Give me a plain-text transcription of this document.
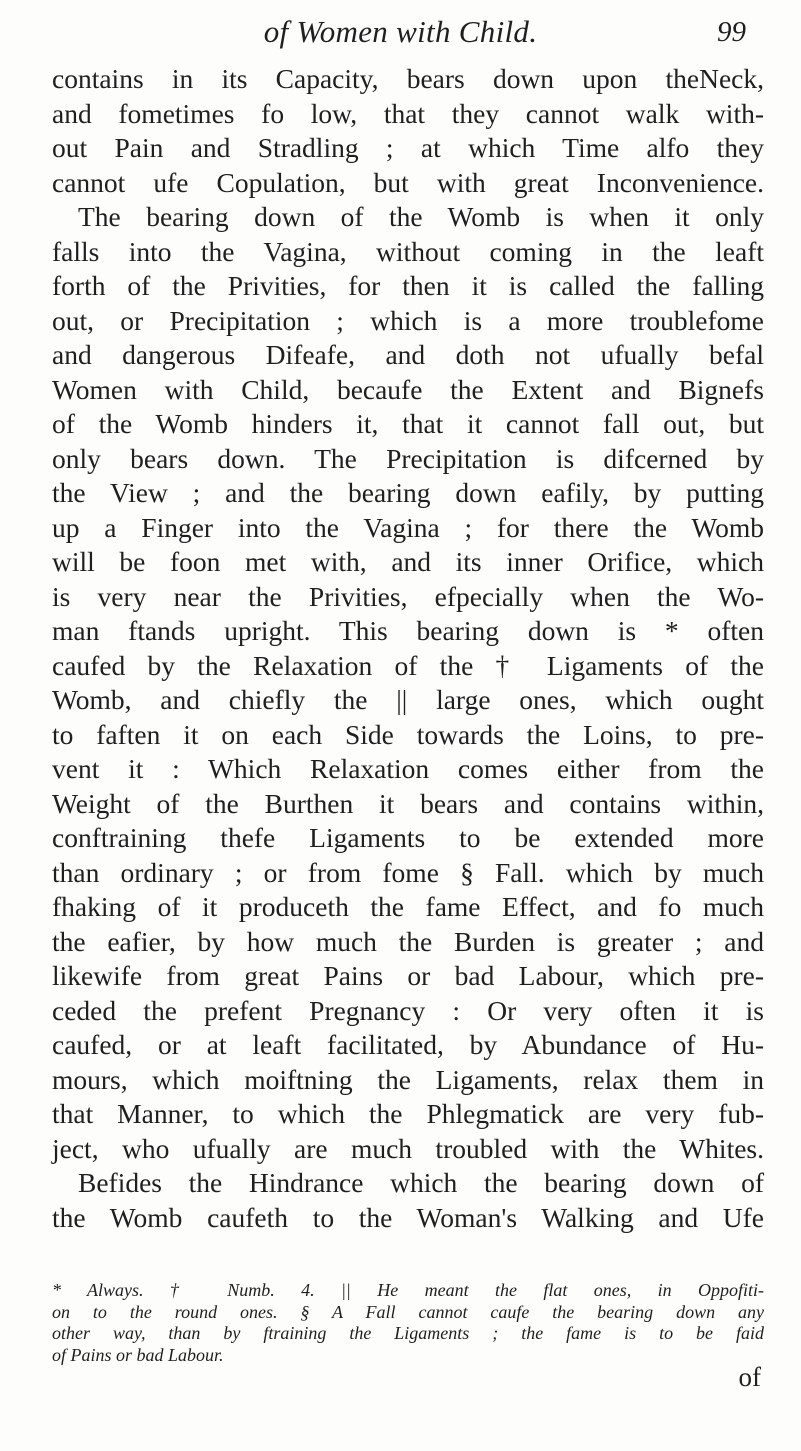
of Women with Child.	99
contains in its Capacity, bears down upon theNeck,
and fometimes fo low, that they cannot walk with-
out Pain and Stradling ; at which Time alfo they
cannot ufe Copulation, but with great Inconvenience.
The bearing down of the Womb is when it only
falls into the Vagina, without coming in the leaft
forth of the Privities, for then it is called the falling
out, or Precipitation ; which is a more troublefome
and dangerous Difeafe, and doth not ufually befal
Women with Child, becaufe the Extent and Bignefs
of the Womb hinders it, that it cannot fall out, but
only bears down. The Precipitation is difcerned by
the View ; and the bearing down eafily, by putting
up a Finger into the Vagina ; for there the Womb
will be foon met with, and its inner Orifice, which
is very near the Privities, efpecially when the Wo-
man ftands upright. This bearing down is * often
caufed by the Relaxation of the † Ligaments of the
Womb, and chiefly the || large ones, which ought
to faften it on each Side towards the Loins, to pre-
vent it : Which Relaxation comes either from the
Weight of the Burthen it bears and contains within,
conftraining thefe Ligaments to be extended more
than ordinary ; or from fome § Fall. which by much
fhaking of it produceth the fame Effect, and fo much
the eafier, by how much the Burden is greater ; and
likewife from great Pains or bad Labour, which pre-
ceded the prefent Pregnancy : Or very often it is
caufed, or at leaft facilitated, by Abundance of Hu-
mours, which moiftning the Ligaments, relax them in
that Manner, to which the Phlegmatick are very fub-
ject, who ufually are much troubled with the Whites.
Befides the Hindrance which the bearing down of
the Womb caufeth to the Woman's Walking and Ufe
* Always. † Numb. 4. || He meant the flat ones, in Oppofiti-
on to the round ones. § A Fall cannot caufe the bearing down any
other way, than by ftraining the Ligaments ; the fame is to be faid
of Pains or bad Labour.
of
